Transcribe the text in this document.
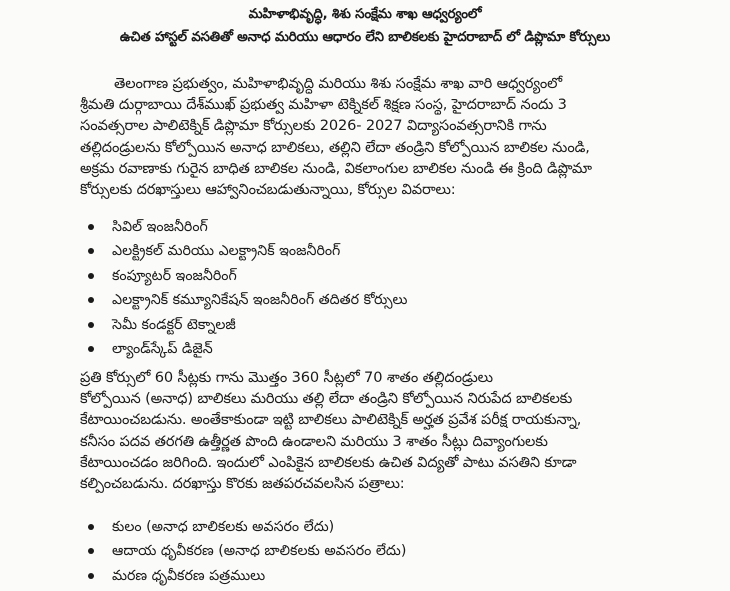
మహిళాభివృద్ధి, శిశు సంక్షేమ శాఖ ఆధ్వర్యంలో
ఉచిత హాస్టల్ వసతితో అనాధ మరియు ఆధారం లేని బాలికలకు హైదరాబాద్ లో డిప్లొమా కోర్సులు
తెలంగాణ ప్రభుత్వం, మహిళాభివృద్ధి మరియు శిశు సంక్షేమ శాఖ వారి ఆధ్వర్యంలో
శ్రీమతి దుర్గాబాయి దేశ్‌ముఖ్ ప్రభుత్వ మహిళా టెక్నికల్ శిక్షణ సంస్థ, హైదరాబాద్ నందు 3
సంవత్సరాల పాలిటెక్నిక్ డిప్లొమా కోర్సులకు 2026- 2027 విద్యాసంవత్సరానికి గాను
తల్లిదండ్రులను కోల్పోయిన అనాధ బాలికలు, తల్లిని లేదా తండ్రిని కోల్పోయిన బాలికల నుండి,
అక్రమ రవాణాకు గురైన బాధిత బాలికల నుండి, వికలాంగుల బాలికల నుండి ఈ క్రింది డిప్లొమా
కోర్సులకు దరఖాస్తులు ఆహ్వానించబడుతున్నాయి, కోర్సుల వివరాలు:
సివిల్ ఇంజనీరింగ్
ఎలక్ట్రికల్ మరియు ఎలక్ట్రానిక్ ఇంజనీరింగ్
కంప్యూటర్ ఇంజనీరింగ్
ఎలక్ట్రానిక్ కమ్యూనికేషన్ ఇంజనీరింగ్ తదితర కోర్సులు
సెమీ కండక్టర్ టెక్నాలజీ
ల్యాండ్‌స్కేప్ డిజైన్
ప్రతి కోర్సులో 60 సీట్లకు గాను మొత్తం 360 సీట్లలో 70 శాతం తల్లిదండ్రులు
కోల్పోయిన (అనాధ) బాలికలు మరియు తల్లి లేదా తండ్రిని కోల్పోయిన నిరుపేద బాలికలకు
కేటాయించబడును. అంతేకాకుండా ఇట్టి బాలికలు పాలిటెక్నిక్ అర్హత ప్రవేశ పరీక్ష రాయకున్నా,
కనీసం పదవ తరగతి ఉత్తీర్ణత పొంది ఉండాలని మరియు 3 శాతం సీట్లు దివ్యాంగులకు
కేటాయించడం జరిగింది. ఇందులో ఎంపికైన బాలికలకు ఉచిత విద్యతో పాటు వసతిని కూడా
కల్పించబడును. దరఖాస్తు కొరకు జతపరచవలసిన పత్రాలు:
కులం (అనాధ బాలికలకు అవసరం లేదు)
ఆదాయ ధృవీకరణ (అనాధ బాలికలకు అవసరం లేదు)
మరణ ధృవీకరణ పత్రములు
